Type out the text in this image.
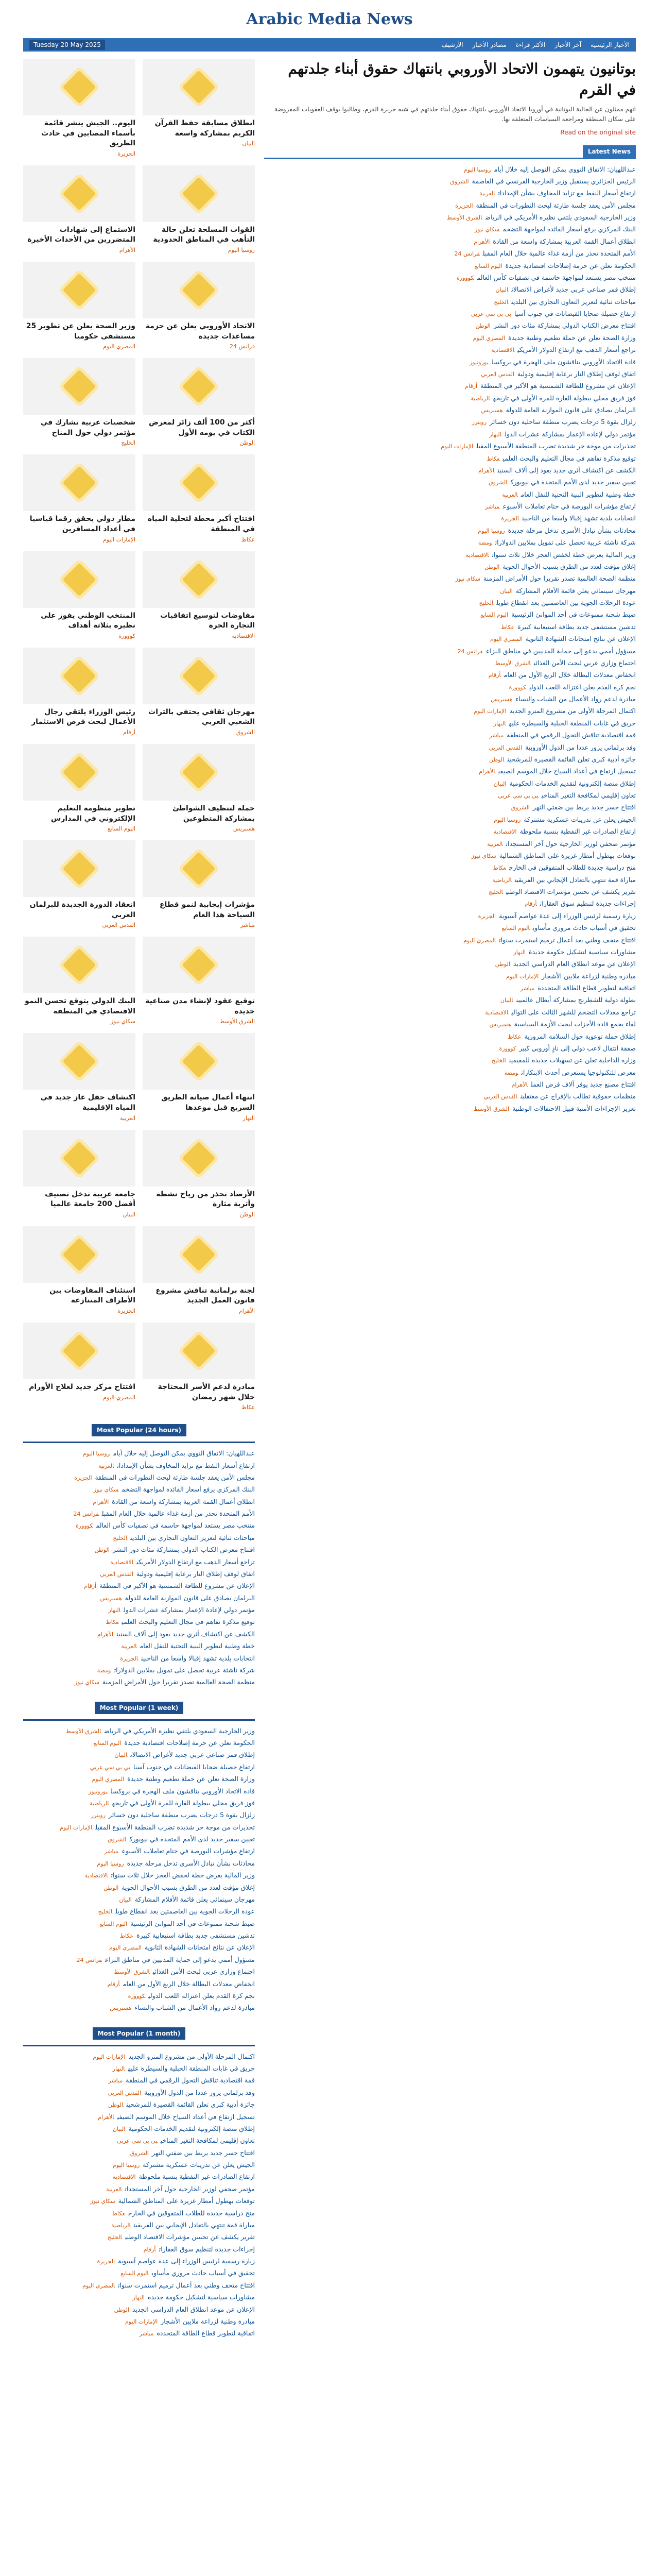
Arabic Media News
Tuesday 20 May 2025	الأخبار الرئيسية
آخر الأخبار
الأكثر قراءة
مصادر الأخبار
الأرشيف
اليوم.. الجيش ينشر قائمة بأسماء المصابين في حادث الطريق
الجزيرة
انطلاق مسابقة حفظ القرآن الكريم بمشاركة واسعة
البيان
الاستماع إلى شهادات المتضررين من الأحداث الأخيرة
الأهرام
القوات المسلحة تعلن حالة التأهب في المناطق الحدودية
روسيا اليوم
وزير الصحة يعلن عن تطوير 25 مستشفى حكوميا
المصري اليوم
الاتحاد الأوروبي يعلن عن حزمة مساعدات جديدة
فرانس 24
شخصيات عربية تشارك في مؤتمر دولي حول المناخ
الخليج
أكثر من 100 ألف زائر لمعرض الكتاب في يومه الأول
الوطن
مطار دولي يحقق رقما قياسيا في أعداد المسافرين
الإمارات اليوم
افتتاح أكبر محطة لتحلية المياه في المنطقة
عكاظ
المنتخب الوطني يفوز على نظيره بثلاثة أهداف
كووورة
مفاوضات لتوسيع اتفاقيات التجارة الحرة
الاقتصادية
رئيس الوزراء يلتقي رجال الأعمال لبحث فرص الاستثمار
أرقام
مهرجان ثقافي يحتفي بالتراث الشعبي العربي
الشروق
تطوير منظومة التعليم الإلكتروني في المدارس
اليوم السابع
حملة لتنظيف الشواطئ بمشاركة المتطوعين
هسبريس
انعقاد الدورة الجديدة للبرلمان العربي
القدس العربي
مؤشرات إيجابية لنمو قطاع السياحة هذا العام
مباشر
البنك الدولي يتوقع تحسن النمو الاقتصادي في المنطقة
سكاي نيوز
توقيع عقود لإنشاء مدن صناعية جديدة
الشرق الأوسط
اكتشاف حقل غاز جديد في المياه الإقليمية
العربية
انتهاء أعمال صيانة الطريق السريع قبل موعدها
النهار
جامعة عربية تدخل تصنيف أفضل 200 جامعة عالميا
البيان
الأرصاد تحذر من رياح نشطة وأتربة مثارة
الوطن
استئناف المفاوضات بين الأطراف المتنازعة
الجزيرة
لجنة برلمانية تناقش مشروع قانون العمل الجديد
الأهرام
افتتاح مركز جديد لعلاج الأورام
المصري اليوم
مبادرة لدعم الأسر المحتاجة خلال شهر رمضان
عكاظ
Most Popular (24 hours)
عبداللهيان: الاتفاق النووي يمكن التوصل إليه خلال أيامروسيا اليوم
ارتفاع أسعار النفط مع تزايد المخاوف بشأن الإمداداتالعربية
مجلس الأمن يعقد جلسة طارئة لبحث التطورات في المنطقةالجزيرة
البنك المركزي يرفع أسعار الفائدة لمواجهة التضخمسكاي نيوز
انطلاق أعمال القمة العربية بمشاركة واسعة من القادةالأهرام
الأمم المتحدة تحذر من أزمة غذاء عالمية خلال العام المقبلفرانس 24
منتخب مصر يستعد لمواجهة حاسمة في تصفيات كأس العالمكووورة
مباحثات ثنائية لتعزيز التعاون التجاري بين البلدينالخليج
افتتاح معرض الكتاب الدولي بمشاركة مئات دور النشرالوطن
تراجع أسعار الذهب مع ارتفاع الدولار الأمريكيالاقتصادية
اتفاق لوقف إطلاق النار برعاية إقليمية ودوليةالقدس العربي
الإعلان عن مشروع للطاقة الشمسية هو الأكبر في المنطقةأرقام
البرلمان يصادق على قانون الموازنة العامة للدولةهسبريس
مؤتمر دولي لإعادة الإعمار بمشاركة عشرات الدولالنهار
توقيع مذكرة تفاهم في مجال التعليم والبحث العلميعكاظ
الكشف عن اكتشاف أثري جديد يعود إلى آلاف السنينالأهرام
خطة وطنية لتطوير البنية التحتية للنقل العامالعربية
انتخابات بلدية تشهد إقبالا واسعا من الناخبينالجزيرة
شركة ناشئة عربية تحصل على تمويل بملايين الدولاراتومضة
منظمة الصحة العالمية تصدر تقريرا حول الأمراض المزمنةسكاي نيوز
Most Popular (1 week)
وزير الخارجية السعودي يلتقي نظيره الأمريكي في الرياضالشرق الأوسط
الحكومة تعلن عن حزمة إصلاحات اقتصادية جديدةاليوم السابع
إطلاق قمر صناعي عربي جديد لأغراض الاتصالاتالبيان
ارتفاع حصيلة ضحايا الفيضانات في جنوب آسيابي بي سي عربي
وزارة الصحة تعلن عن حملة تطعيم وطنية جديدةالمصري اليوم
قادة الاتحاد الأوروبي يناقشون ملف الهجرة في بروكسليورونيوز
فوز فريق محلي ببطولة القارة للمرة الأولى في تاريخهالرياضية
زلزال بقوة 5 درجات يضرب منطقة ساحلية دون خسائررويترز
تحذيرات من موجة حر شديدة تضرب المنطقة الأسبوع المقبلالإمارات اليوم
تعيين سفير جديد لدى الأمم المتحدة في نيويوركالشروق
ارتفاع مؤشرات البورصة في ختام تعاملات الأسبوعمباشر
محادثات بشأن تبادل الأسرى تدخل مرحلة جديدةروسيا اليوم
وزير المالية يعرض خطة لخفض العجز خلال ثلاث سنواتالاقتصادية
إغلاق مؤقت لعدد من الطرق بسبب الأحوال الجويةالوطن
مهرجان سينمائي يعلن قائمة الأفلام المشاركةالبيان
عودة الرحلات الجوية بين العاصمتين بعد انقطاع طويلالخليج
ضبط شحنة ممنوعات في أحد الموانئ الرئيسيةاليوم السابع
تدشين مستشفى جديد بطاقة استيعابية كبيرةعكاظ
الإعلان عن نتائج امتحانات الشهادة الثانويةالمصري اليوم
مسؤول أممي يدعو إلى حماية المدنيين في مناطق النزاعفرانس 24
اجتماع وزاري عربي لبحث الأمن الغذائيالشرق الأوسط
انخفاض معدلات البطالة خلال الربع الأول من العامأرقام
نجم كرة القدم يعلن اعتزاله اللعب الدوليكووورة
مبادرة لدعم رواد الأعمال من الشباب والنساءهسبريس
Most Popular (1 month)
اكتمال المرحلة الأولى من مشروع المترو الجديدالإمارات اليوم
حريق في غابات المنطقة الجبلية والسيطرة عليهالنهار
قمة اقتصادية تناقش التحول الرقمي في المنطقةمباشر
وفد برلماني يزور عددا من الدول الأوروبيةالقدس العربي
جائزة أدبية كبرى تعلن القائمة القصيرة للمرشحينالوطن
تسجيل ارتفاع في أعداد السياح خلال الموسم الصيفيالأهرام
إطلاق منصة إلكترونية لتقديم الخدمات الحكوميةالبيان
تعاون إقليمي لمكافحة التغير المناخيبي بي سي عربي
افتتاح جسر جديد يربط بين ضفتي النهرالشروق
الجيش يعلن عن تدريبات عسكرية مشتركةروسيا اليوم
ارتفاع الصادرات غير النفطية بنسبة ملحوظةالاقتصادية
مؤتمر صحفي لوزير الخارجية حول آخر المستجداتالعربية
توقعات بهطول أمطار غزيرة على المناطق الشماليةسكاي نيوز
منح دراسية جديدة للطلاب المتفوقين في الخارجعكاظ
مباراة قمة تنتهي بالتعادل الإيجابي بين الفريقينالرياضية
تقرير يكشف عن تحسن مؤشرات الاقتصاد الوطنيالخليج
إجراءات جديدة لتنظيم سوق العقاراتأرقام
زيارة رسمية لرئيس الوزراء إلى عدة عواصم آسيويةالجزيرة
تحقيق في أسباب حادث مروري مأساوياليوم السابع
افتتاح متحف وطني بعد أعمال ترميم استمرت سنواتالمصري اليوم
مشاورات سياسية لتشكيل حكومة جديدةالنهار
الإعلان عن موعد انطلاق العام الدراسي الجديدالوطن
مبادرة وطنية لزراعة ملايين الأشجارالإمارات اليوم
اتفاقية لتطوير قطاع الطاقة المتجددةمباشر
بوتانيون يتهمون الاتحاد الأوروبي بانتهاك حقوق أبناء جلدتهم في القرم

اتهم ممثلون عن الجالية البوتانية في أوروبا الاتحاد الأوروبي بانتهاك حقوق أبناء جلدتهم في شبه جزيرة القرم، وطالبوا بوقف العقوبات المفروضة على سكان المنطقة ومراجعة السياسات المتعلقة بها.

Read on the original site
Latest News
عبداللهيان: الاتفاق النووي يمكن التوصل إليه خلال أيامروسيا اليوم
الرئيس الجزائري يستقبل وزير الخارجية الفرنسي في العاصمةالشروق
ارتفاع أسعار النفط مع تزايد المخاوف بشأن الإمداداتالعربية
مجلس الأمن يعقد جلسة طارئة لبحث التطورات في المنطقةالجزيرة
وزير الخارجية السعودي يلتقي نظيره الأمريكي في الرياضالشرق الأوسط
البنك المركزي يرفع أسعار الفائدة لمواجهة التضخمسكاي نيوز
انطلاق أعمال القمة العربية بمشاركة واسعة من القادةالأهرام
الأمم المتحدة تحذر من أزمة غذاء عالمية خلال العام المقبلفرانس 24
الحكومة تعلن عن حزمة إصلاحات اقتصادية جديدةاليوم السابع
منتخب مصر يستعد لمواجهة حاسمة في تصفيات كأس العالمكووورة
إطلاق قمر صناعي عربي جديد لأغراض الاتصالاتالبيان
مباحثات ثنائية لتعزيز التعاون التجاري بين البلدينالخليج
ارتفاع حصيلة ضحايا الفيضانات في جنوب آسيابي بي سي عربي
افتتاح معرض الكتاب الدولي بمشاركة مئات دور النشرالوطن
وزارة الصحة تعلن عن حملة تطعيم وطنية جديدةالمصري اليوم
تراجع أسعار الذهب مع ارتفاع الدولار الأمريكيالاقتصادية
قادة الاتحاد الأوروبي يناقشون ملف الهجرة في بروكسليورونيوز
اتفاق لوقف إطلاق النار برعاية إقليمية ودوليةالقدس العربي
الإعلان عن مشروع للطاقة الشمسية هو الأكبر في المنطقةأرقام
فوز فريق محلي ببطولة القارة للمرة الأولى في تاريخهالرياضية
البرلمان يصادق على قانون الموازنة العامة للدولةهسبريس
زلزال بقوة 5 درجات يضرب منطقة ساحلية دون خسائررويترز
مؤتمر دولي لإعادة الإعمار بمشاركة عشرات الدولالنهار
تحذيرات من موجة حر شديدة تضرب المنطقة الأسبوع المقبلالإمارات اليوم
توقيع مذكرة تفاهم في مجال التعليم والبحث العلميعكاظ
الكشف عن اكتشاف أثري جديد يعود إلى آلاف السنينالأهرام
تعيين سفير جديد لدى الأمم المتحدة في نيويوركالشروق
خطة وطنية لتطوير البنية التحتية للنقل العامالعربية
ارتفاع مؤشرات البورصة في ختام تعاملات الأسبوعمباشر
انتخابات بلدية تشهد إقبالا واسعا من الناخبينالجزيرة
محادثات بشأن تبادل الأسرى تدخل مرحلة جديدةروسيا اليوم
شركة ناشئة عربية تحصل على تمويل بملايين الدولاراتومضة
وزير المالية يعرض خطة لخفض العجز خلال ثلاث سنواتالاقتصادية
إغلاق مؤقت لعدد من الطرق بسبب الأحوال الجويةالوطن
منظمة الصحة العالمية تصدر تقريرا حول الأمراض المزمنةسكاي نيوز
مهرجان سينمائي يعلن قائمة الأفلام المشاركةالبيان
عودة الرحلات الجوية بين العاصمتين بعد انقطاع طويلالخليج
ضبط شحنة ممنوعات في أحد الموانئ الرئيسيةاليوم السابع
تدشين مستشفى جديد بطاقة استيعابية كبيرةعكاظ
الإعلان عن نتائج امتحانات الشهادة الثانويةالمصري اليوم
مسؤول أممي يدعو إلى حماية المدنيين في مناطق النزاعفرانس 24
اجتماع وزاري عربي لبحث الأمن الغذائيالشرق الأوسط
انخفاض معدلات البطالة خلال الربع الأول من العامأرقام
نجم كرة القدم يعلن اعتزاله اللعب الدوليكووورة
مبادرة لدعم رواد الأعمال من الشباب والنساءهسبريس
اكتمال المرحلة الأولى من مشروع المترو الجديدالإمارات اليوم
حريق في غابات المنطقة الجبلية والسيطرة عليهالنهار
قمة اقتصادية تناقش التحول الرقمي في المنطقةمباشر
وفد برلماني يزور عددا من الدول الأوروبيةالقدس العربي
جائزة أدبية كبرى تعلن القائمة القصيرة للمرشحينالوطن
تسجيل ارتفاع في أعداد السياح خلال الموسم الصيفيالأهرام
إطلاق منصة إلكترونية لتقديم الخدمات الحكوميةالبيان
تعاون إقليمي لمكافحة التغير المناخيبي بي سي عربي
افتتاح جسر جديد يربط بين ضفتي النهرالشروق
الجيش يعلن عن تدريبات عسكرية مشتركةروسيا اليوم
ارتفاع الصادرات غير النفطية بنسبة ملحوظةالاقتصادية
مؤتمر صحفي لوزير الخارجية حول آخر المستجداتالعربية
توقعات بهطول أمطار غزيرة على المناطق الشماليةسكاي نيوز
منح دراسية جديدة للطلاب المتفوقين في الخارجعكاظ
مباراة قمة تنتهي بالتعادل الإيجابي بين الفريقينالرياضية
تقرير يكشف عن تحسن مؤشرات الاقتصاد الوطنيالخليج
إجراءات جديدة لتنظيم سوق العقاراتأرقام
زيارة رسمية لرئيس الوزراء إلى عدة عواصم آسيويةالجزيرة
تحقيق في أسباب حادث مروري مأساوياليوم السابع
افتتاح متحف وطني بعد أعمال ترميم استمرت سنواتالمصري اليوم
مشاورات سياسية لتشكيل حكومة جديدةالنهار
الإعلان عن موعد انطلاق العام الدراسي الجديدالوطن
مبادرة وطنية لزراعة ملايين الأشجارالإمارات اليوم
اتفاقية لتطوير قطاع الطاقة المتجددةمباشر
بطولة دولية للشطرنج بمشاركة أبطال عالميينالبيان
تراجع معدلات التضخم للشهر الثالث على التواليالاقتصادية
لقاء يجمع قادة الأحزاب لبحث الأزمة السياسيةهسبريس
إطلاق حملة توعوية حول السلامة المروريةعكاظ
صفقة انتقال لاعب دولي إلى نادٍ أوروبي كبيركووورة
وزارة الداخلية تعلن عن تسهيلات جديدة للمقيمينالخليج
معرض للتكنولوجيا يستعرض أحدث الابتكاراتومضة
افتتاح مصنع جديد يوفر آلاف فرص العملالأهرام
منظمات حقوقية تطالب بالإفراج عن معتقلينالقدس العربي
تعزيز الإجراءات الأمنية قبيل الاحتفالات الوطنيةالشرق الأوسط
